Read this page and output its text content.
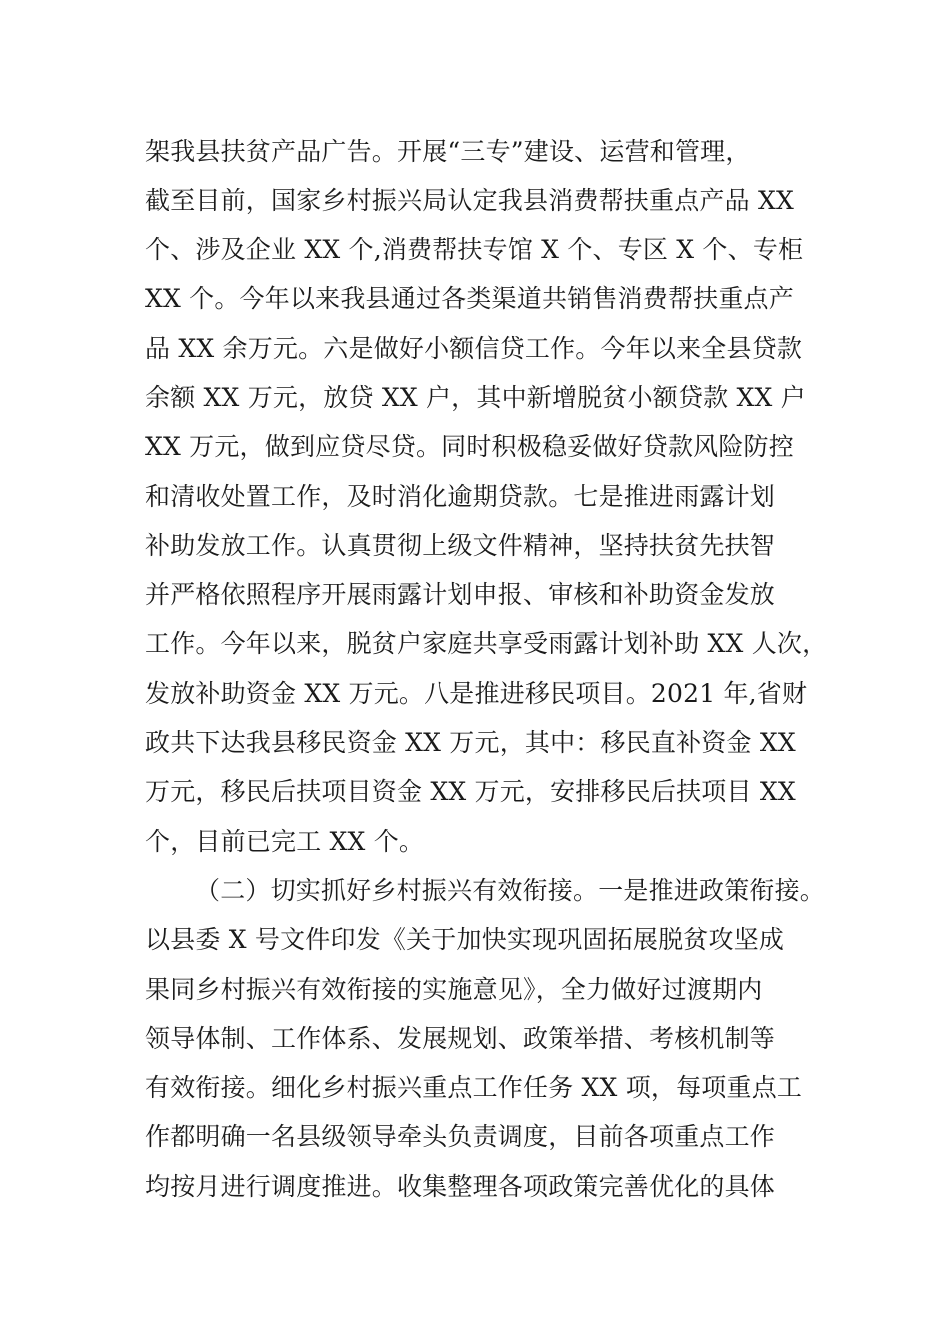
架我县扶贫产品广告。开展“三专”建设、运营和管理，
截至目前，国家乡村振兴局认定我县消费帮扶重点产品 XX
个、涉及企业 XX 个,消费帮扶专馆 X 个、专区 X 个、专柜
XX 个。今年以来我县通过各类渠道共销售消费帮扶重点产
品 XX 余万元。六是做好小额信贷工作。今年以来全县贷款
余额 XX 万元，放贷 XX 户，其中新增脱贫小额贷款 XX 户
XX 万元，做到应贷尽贷。同时积极稳妥做好贷款风险防控
和清收处置工作，及时消化逾期贷款。七是推进雨露计划
补助发放工作。认真贯彻上级文件精神，坚持扶贫先扶智
并严格依照程序开展雨露计划申报、审核和补助资金发放
工作。今年以来，脱贫户家庭共享受雨露计划补助 XX 人次，
发放补助资金 XX 万元。八是推进移民项目。2021 年,省财
政共下达我县移民资金 XX 万元，其中：移民直补资金 XX
万元，移民后扶项目资金 XX 万元，安排移民后扶项目 XX
个，目前已完工 XX 个。
（二）切实抓好乡村振兴有效衔接。一是推进政策衔接。
以县委 X 号文件印发《关于加快实现巩固拓展脱贫攻坚成
果同乡村振兴有效衔接的实施意见》，全力做好过渡期内
领导体制、工作体系、发展规划、政策举措、考核机制等
有效衔接。细化乡村振兴重点工作任务 XX 项，每项重点工
作都明确一名县级领导牵头负责调度，目前各项重点工作
均按月进行调度推进。收集整理各项政策完善优化的具体
